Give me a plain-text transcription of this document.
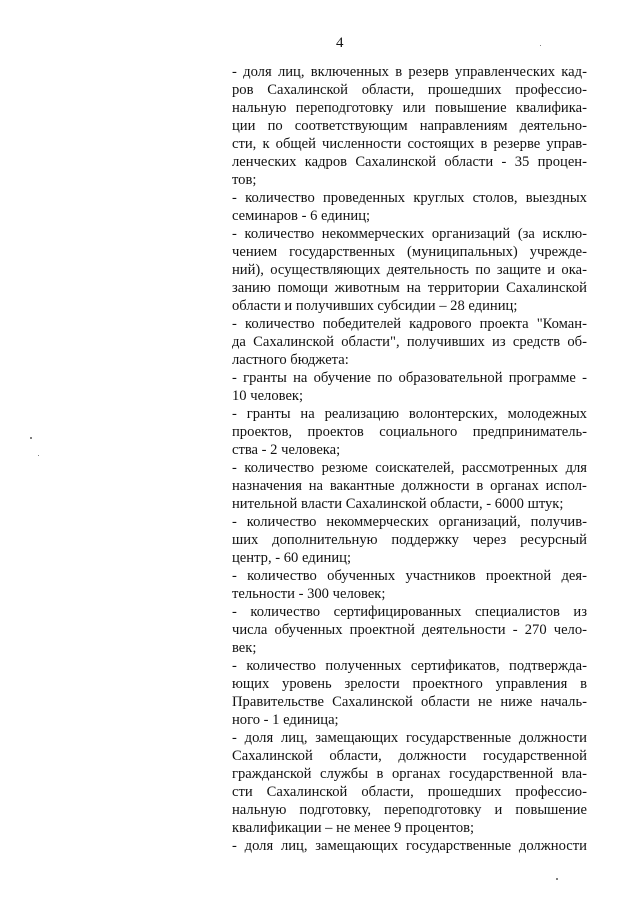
4
- доля лиц, включенных в резерв управленческих кад-
ров Сахалинской области, прошедших профессио-
нальную переподготовку или повышение квалифика-
ции по соответствующим направлениям деятельно-
сти, к общей численности состоящих в резерве управ-
ленческих кадров Сахалинской области - 35 процен-
тов;
- количество проведенных круглых столов, выездных
семинаров - 6 единиц;
- количество некоммерческих организаций (за исклю-
чением государственных (муниципальных) учрежде-
ний), осуществляющих деятельность по защите и ока-
занию помощи животным на территории Сахалинской
области и получивших субсидии – 28 единиц;
- количество победителей кадрового проекта "Коман-
да Сахалинской области", получивших из средств об-
ластного бюджета:
- гранты на обучение по образовательной программе -
10 человек;
- гранты на реализацию волонтерских, молодежных
проектов, проектов социального предприниматель-
ства - 2 человека;
- количество резюме соискателей, рассмотренных для
назначения на вакантные должности в органах испол-
нительной власти Сахалинской области, - 6000 штук;
- количество некоммерческих организаций, получив-
ших дополнительную поддержку через ресурсный
центр, - 60 единиц;
- количество обученных участников проектной дея-
тельности - 300 человек;
- количество сертифицированных специалистов из
числа обученных проектной деятельности - 270 чело-
век;
- количество полученных сертификатов, подтвержда-
ющих уровень зрелости проектного управления в
Правительстве Сахалинской области не ниже началь-
ного - 1 единица;
- доля лиц, замещающих государственные должности
Сахалинской области, должности государственной
гражданской службы в органах государственной вла-
сти Сахалинской области, прошедших профессио-
нальную подготовку, переподготовку и повышение
квалификации – не менее 9 процентов;
- доля лиц, замещающих государственные должности
